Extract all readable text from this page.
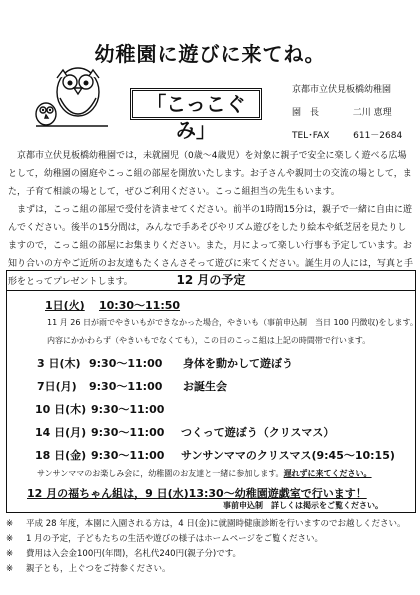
幼稚園に遊びに来てね。
「こっこぐみ」
京都市立伏見板橋幼稚園
園　長	二川 恵理
TEL･FAX	611－2684

京都市立伏見板橋幼稚園では，未就園児（0歳～4歳児）を対象に親子で安全に楽しく遊べる広場として，幼稚園の園庭やこっこ組の部屋を開放いたします。お子さんや親同士の交流の場として，また，子育て相談の場として，ぜひご利用ください。こっこ組担当の先生もいます。

まずは，こっこ組の部屋で受付を済ませてください。前半の1時間15分は，親子で一緒に自由に遊んでください。後半の15分間は，みんなで手あそびやリズム遊びをしたり絵本や紙芝居を見たりしますので，こっこ組の部屋にお集まりください。また，月によって楽しい行事も予定しています。お知り合いの方やご近所のお友達もたくさんさそって遊びに来てください。誕生月の人には，写真と手形をとってプレゼントします。	12 月の予定
1日(火) 10:30～11:50
11 月 26 日が雨でやきいもができなかった場合，やきいも（事前申込制　当日 100 円徴収)をします。
内容にかかわらず（やきいもでなくても），この日のこっこ組は上記の時間帯で行います。
3 日(木) 9:30～11:00 身体を動かして遊ぼう
7日(月) 9:30～11:00 お誕生会
10 日(木) 9:30～11:00
14 日(月) 9:30～11:00 つくって遊ぼう（クリスマス）
18 日(金) 9:30～11:00 サンサンママのクリスマス(9:45～10:15)
サンサンママのお楽しみ会に，幼稚園のお友達と一緒に参加します。遅れずに来てください。
12 月の福ちゃん組は，9 日(水)13:30～幼稚園遊戯室で行います！
事前申込制　詳しくは掲示をご覧ください。
※ 平成 28 年度，本園に入園される方は，4 日(金)に就園時健康診断を行いますのでお越しください。
※ 1 月の予定，子どもたちの生活や遊びの様子はホームページをご覧ください。
※ 費用は入会金100円(年間)，名札代240円(親子分)です。
※ 親子とも，上ぐつをご持参ください。
